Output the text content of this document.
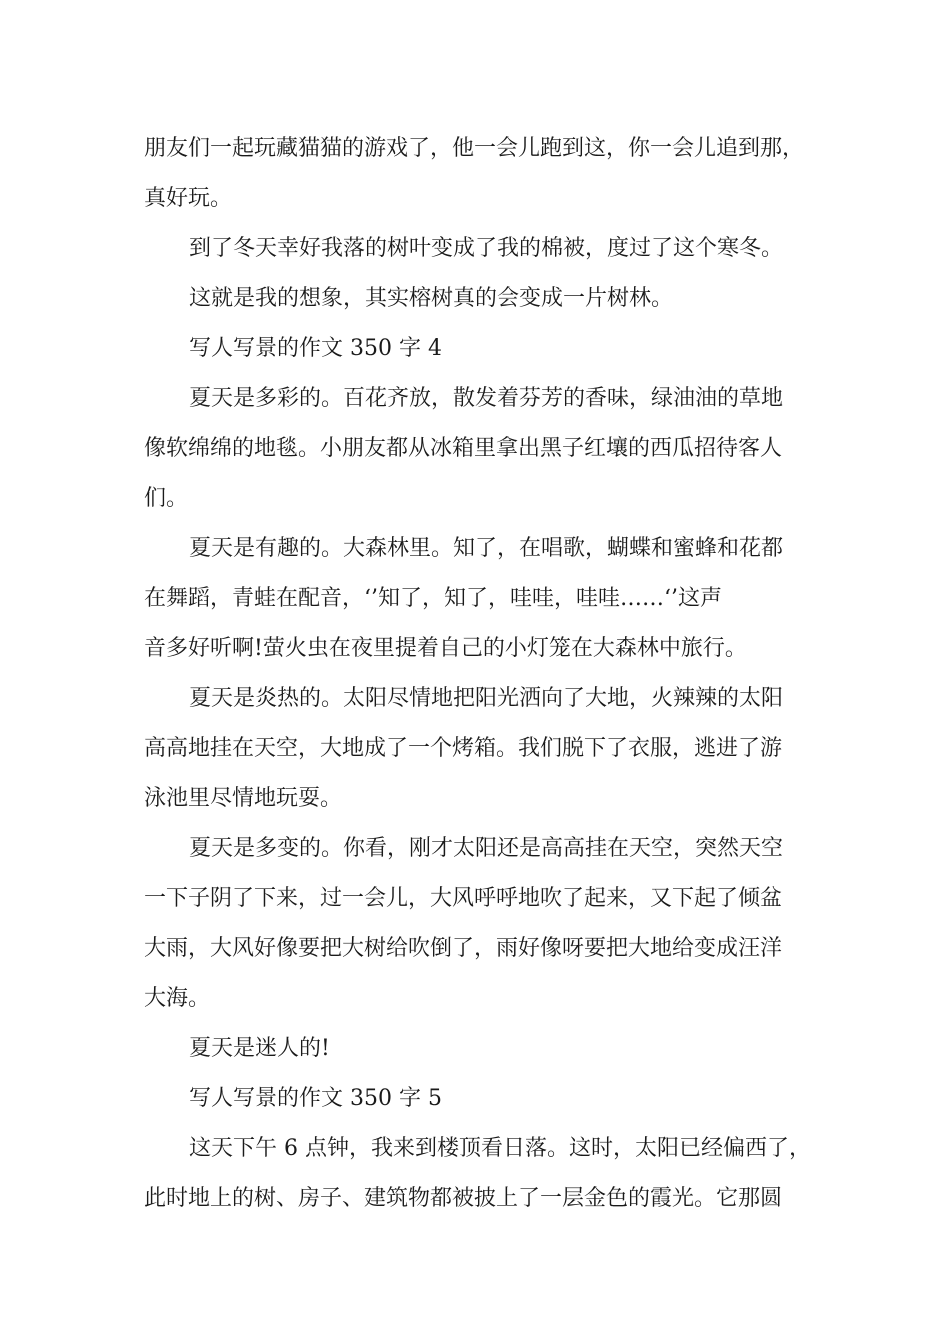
朋友们一起玩藏猫猫的游戏了，他一会儿跑到这，你一会儿追到那，
真好玩。
到了冬天幸好我落的树叶变成了我的棉被，度过了这个寒冬。
这就是我的想象，其实榕树真的会变成一片树林。
写人写景的作文 350 字 4
夏天是多彩的。百花齐放，散发着芬芳的香味，绿油油的草地
像软绵绵的地毯。小朋友都从冰箱里拿出黑子红壤的西瓜招待客人
们。
夏天是有趣的。大森林里。知了，在唱歌，蝴蝶和蜜蜂和花都
在舞蹈，青蛙在配音，‘’知了，知了，哇哇，哇哇……‘’这声
音多好听啊!萤火虫在夜里提着自己的小灯笼在大森林中旅行。
夏天是炎热的。太阳尽情地把阳光洒向了大地，火辣辣的太阳
高高地挂在天空，大地成了一个烤箱。我们脱下了衣服，逃进了游
泳池里尽情地玩耍。
夏天是多变的。你看，刚才太阳还是高高挂在天空，突然天空
一下子阴了下来，过一会儿，大风呼呼地吹了起来，又下起了倾盆
大雨，大风好像要把大树给吹倒了，雨好像呀要把大地给变成汪洋
大海。
夏天是迷人的!
写人写景的作文 350 字 5
这天下午 6 点钟，我来到楼顶看日落。这时，太阳已经偏西了，
此时地上的树、房子、建筑物都被披上了一层金色的霞光。它那圆
